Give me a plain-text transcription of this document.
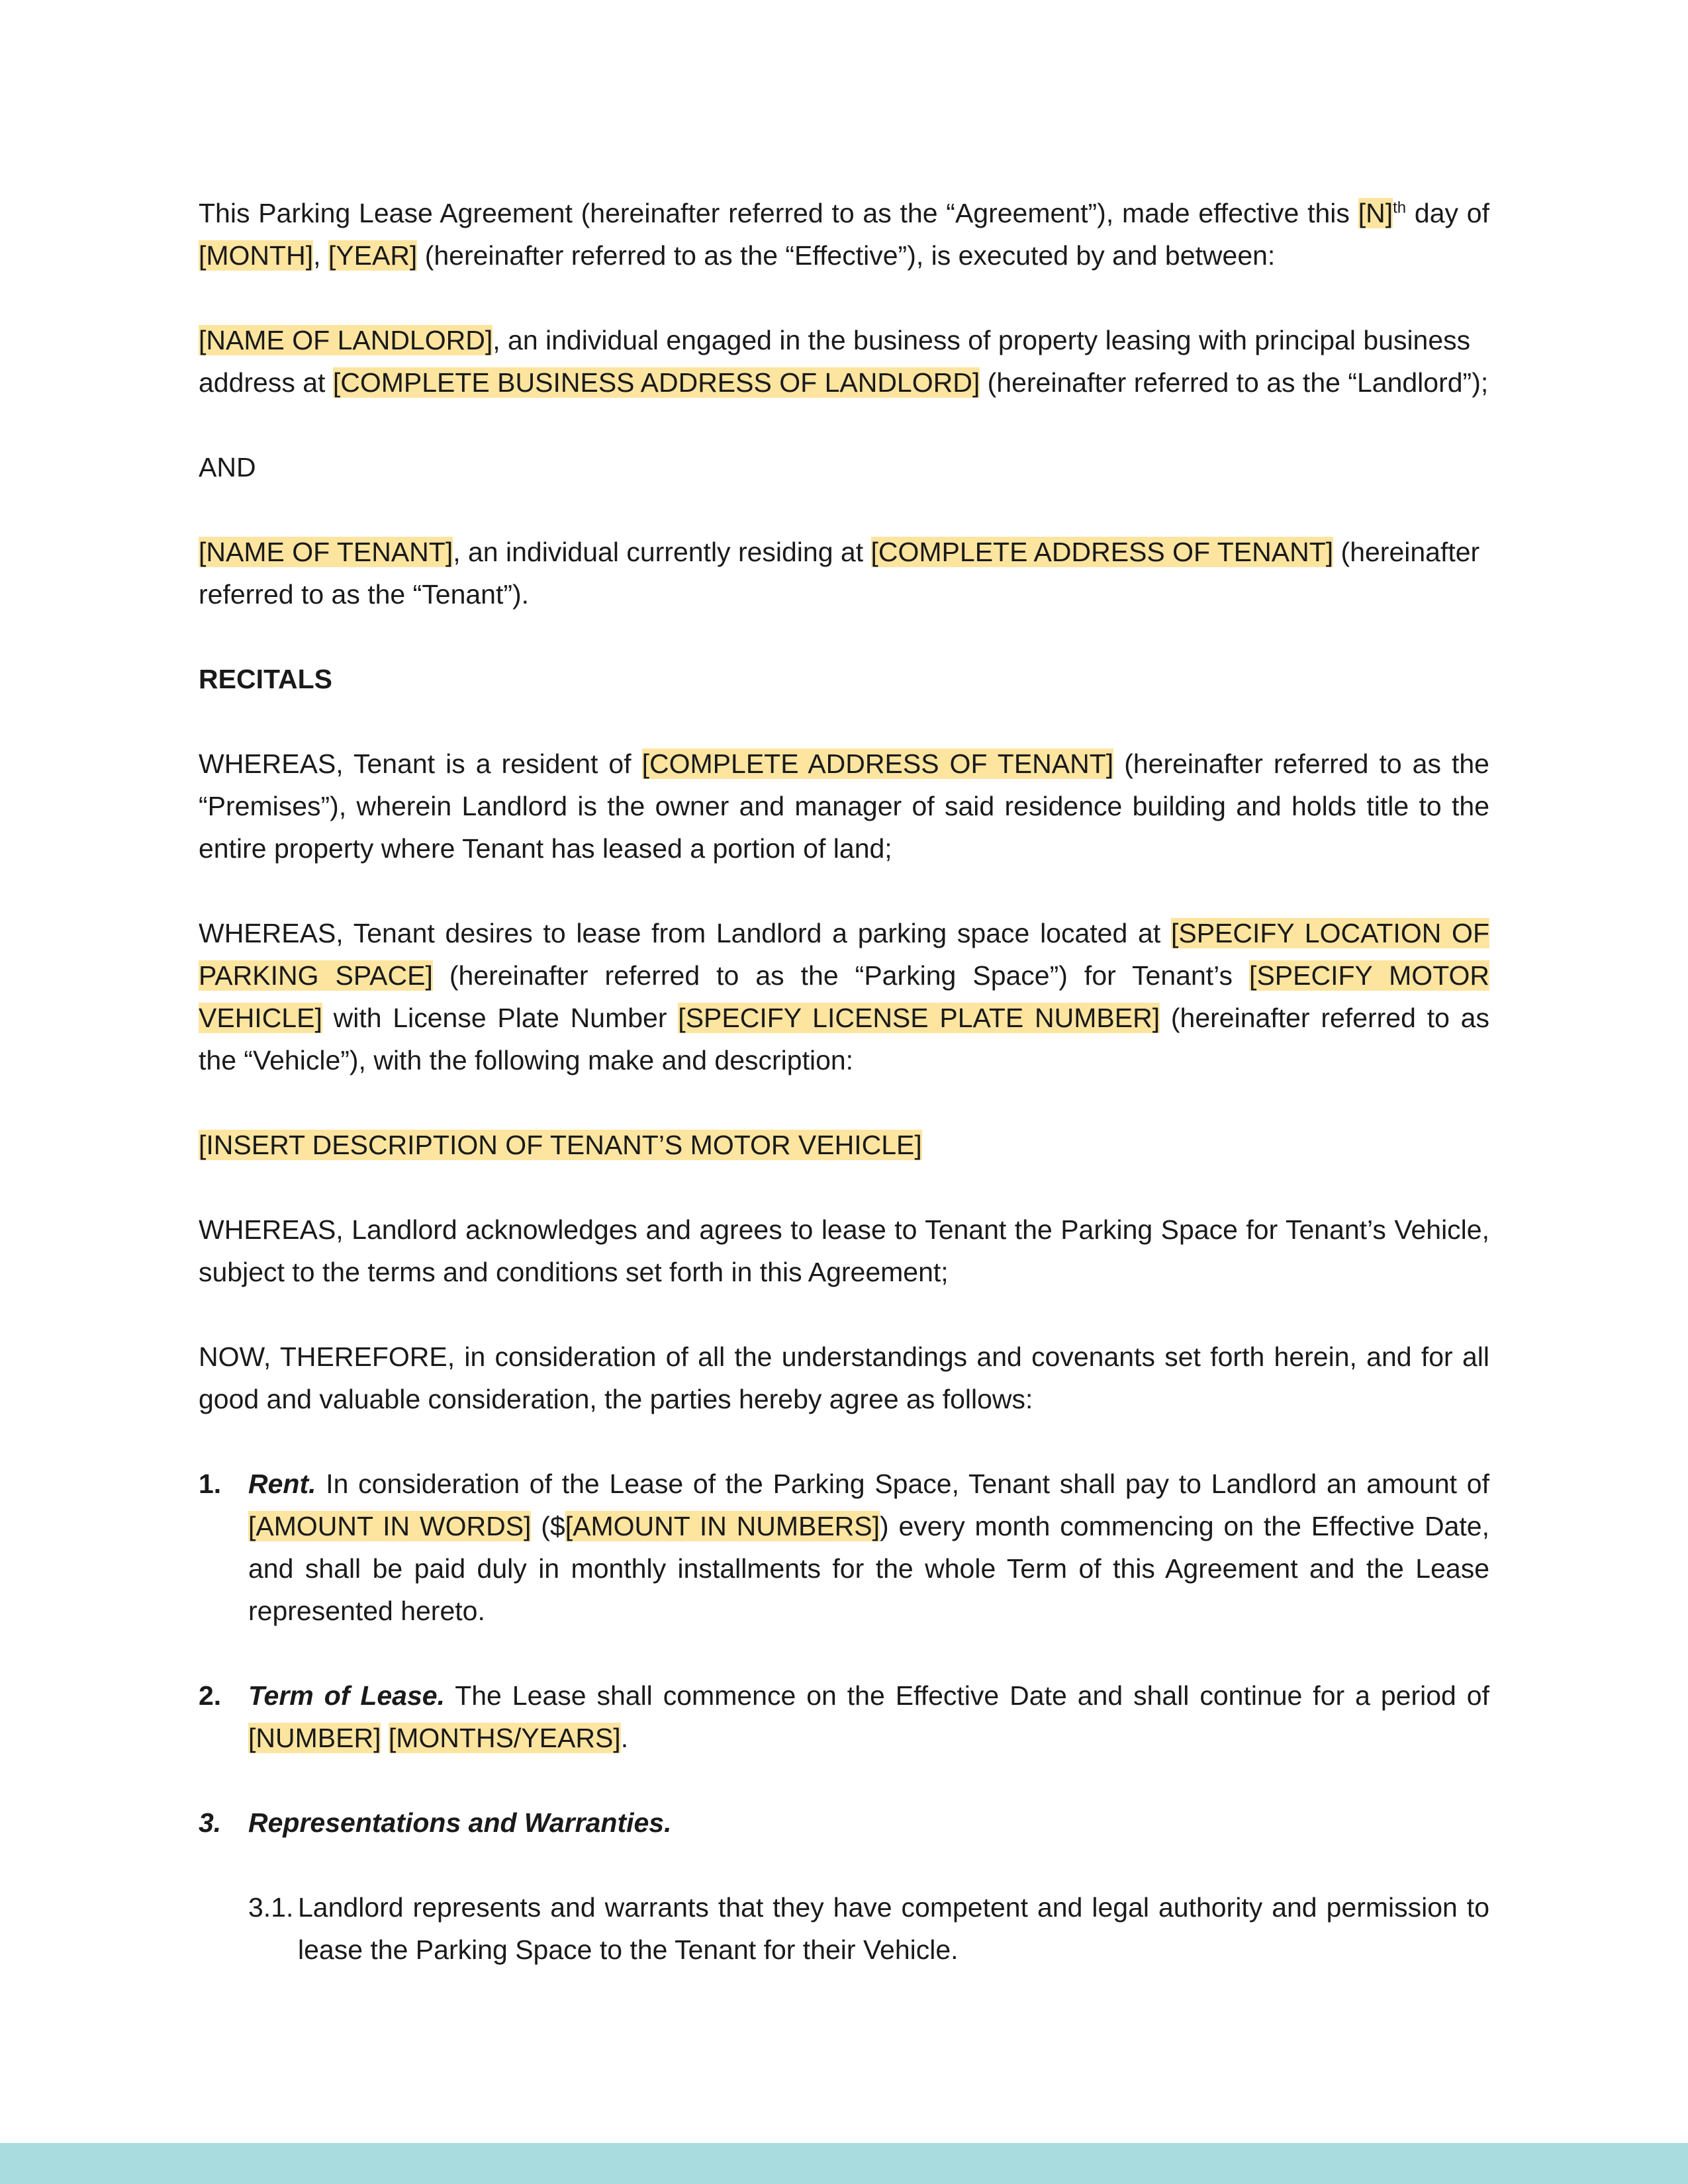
This Parking Lease Agreement (hereinafter referred to as the “Agreement”), made effective this $[N]^{th}$ day of [MONTH], [YEAR] (hereinafter referred to as the “Effective”), is executed by and between:

[NAME OF LANDLORD], an individual engaged in the business of property leasing with principal business address at [COMPLETE BUSINESS ADDRESS OF LANDLORD] (hereinafter referred to as the “Landlord”);

AND

[NAME OF TENANT], an individual currently residing at [COMPLETE ADDRESS OF TENANT] (hereinafter referred to as the “Tenant”).

RECITALS

WHEREAS, Tenant is a resident of [COMPLETE ADDRESS OF TENANT] (hereinafter referred to as the “Premises”), wherein Landlord is the owner and manager of said residence building and holds title to the entire property where Tenant has leased a portion of land;

WHEREAS, Tenant desires to lease from Landlord a parking space located at [SPECIFY LOCATION OF PARKING SPACE] (hereinafter referred to as the “Parking Space”) for Tenant’s [SPECIFY MOTOR VEHICLE] with License Plate Number [SPECIFY LICENSE PLATE NUMBER] (hereinafter referred to as the “Vehicle”), with the following make and description:

[INSERT DESCRIPTION OF TENANT’S MOTOR VEHICLE]

WHEREAS, Landlord acknowledges and agrees to lease to Tenant the Parking Space for Tenant’s Vehicle, subject to the terms and conditions set forth in this Agreement;

NOW, THEREFORE, in consideration of all the understandings and covenants set forth herein, and for all good and valuable consideration, the parties hereby agree as follows:

1. Rent. In consideration of the Lease of the Parking Space, Tenant shall pay to Landlord an amount of [AMOUNT IN WORDS] ($[AMOUNT IN NUMBERS]) every month commencing on the Effective Date, and shall be paid duly in monthly installments for the whole Term of this Agreement and the Lease represented hereto.
2. Term of Lease. The Lease shall commence on the Effective Date and shall continue for a period of [NUMBER] [MONTHS/YEARS].
3. Representations and Warranties.
3.1. Landlord represents and warrants that they have competent and legal authority and permission to lease the Parking Space to the Tenant for their Vehicle.
